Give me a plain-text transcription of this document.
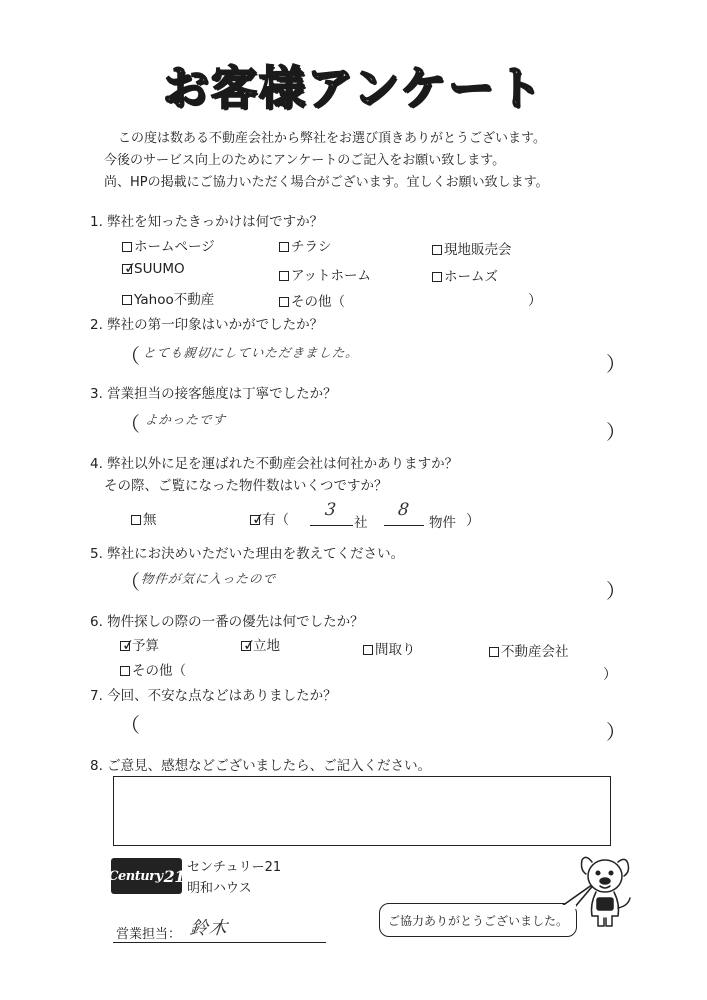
お客様アンケート
この度は数ある不動産会社から弊社をお選び頂きありがとうございます。
今後のサービス向上のためにアンケートのご記入をお願い致します。
尚、HPの掲載にご協力いただく場合がございます。宜しくお願い致します。
1. 弊社を知ったきっかけは何ですか？
ホームページ	チラシ	現地販売会
✓
SUUMO	アットホーム	ホームズ
Yahoo不動産	その他（	）
2. 弊社の第一印象はいかがでしたか？
（ とても親切にしていただきました。	）
3. 営業担当の接客態度は丁寧でしたか？
（ よかったです
）
4. 弊社以外に足を運ばれた不動産会社は何社かありますか？
その際、ご覧になった物件数はいくつですか？
無	✓
有（ 3
社
8
物件 ）
5. 弊社にお決めいただいた理由を教えてください。
（ 物件が気に入ったので
）
6. 物件探しの際の一番の優先は何でしたか？
✓
予算	✓
立地	間取り	不動産会社
その他（	）
7. 今回、不安な点などはありましたか？
（	）
8. ご意見、感想などございましたら、ご記入ください。
Century 21 センチュリー21
明和ハウス
営業担当： 鈴木	ご協力ありがとうございました。
